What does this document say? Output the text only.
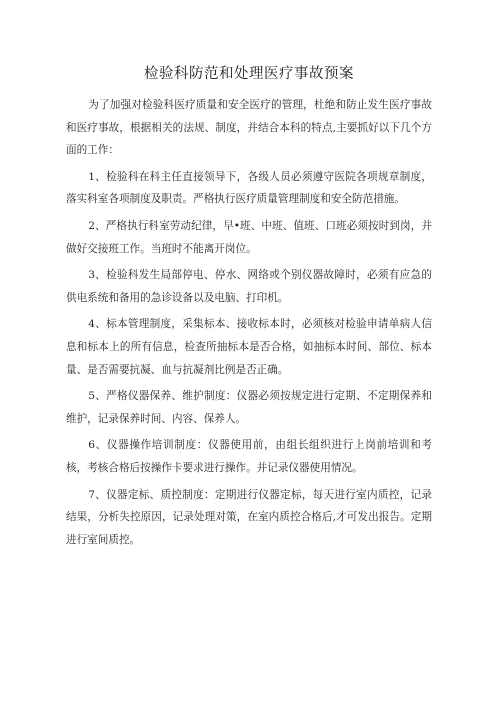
检验科防范和处理医疗事故预案

为了加强对检验科医疗质量和安全医疗的管理，杜绝和防止发生医疗事故和医疗事故，根据相关的法规、制度，并结合本科的特点,主要抓好以下几个方面的工作：

1、检验科在科主任直接领导下，各级人员必须遵守医院各项规章制度，落实科室各项制度及职责。严格执行医疗质量管理制度和安全防范措施。

2、严格执行科室劳动纪律，早•班、中班、值班、口班必须按时到岗，并做好交接班工作。当班时不能离开岗位。

3、检验科发生局部停电、停水、网络或个别仪器故障时，必须有应急的供电系统和备用的急诊设备以及电脑、打印机。

4、标本管理制度，采集标本、接收标本时，必须核对检验申请单病人信息和标本上的所有信息，检查所抽标本是否合格，如抽标本时间、部位、标本量、是否需要抗凝、血与抗凝剂比例是否正确。

5、严格仪器保养、维护制度：仪器必须按规定进行定期、不定期保养和维护，记录保养时间、内容、保养人。

6、仪器操作培训制度：仪器使用前，由组长组织进行上岗前培训和考核，考核合格后按操作卡要求进行操作。并记录仪器使用情况。

7、仪器定标、质控制度：定期进行仪器定标，每天进行室内质控，记录结果，分析失控原因，记录处理对策，在室内质控合格后,才可发出报告。定期进行室间质控。
